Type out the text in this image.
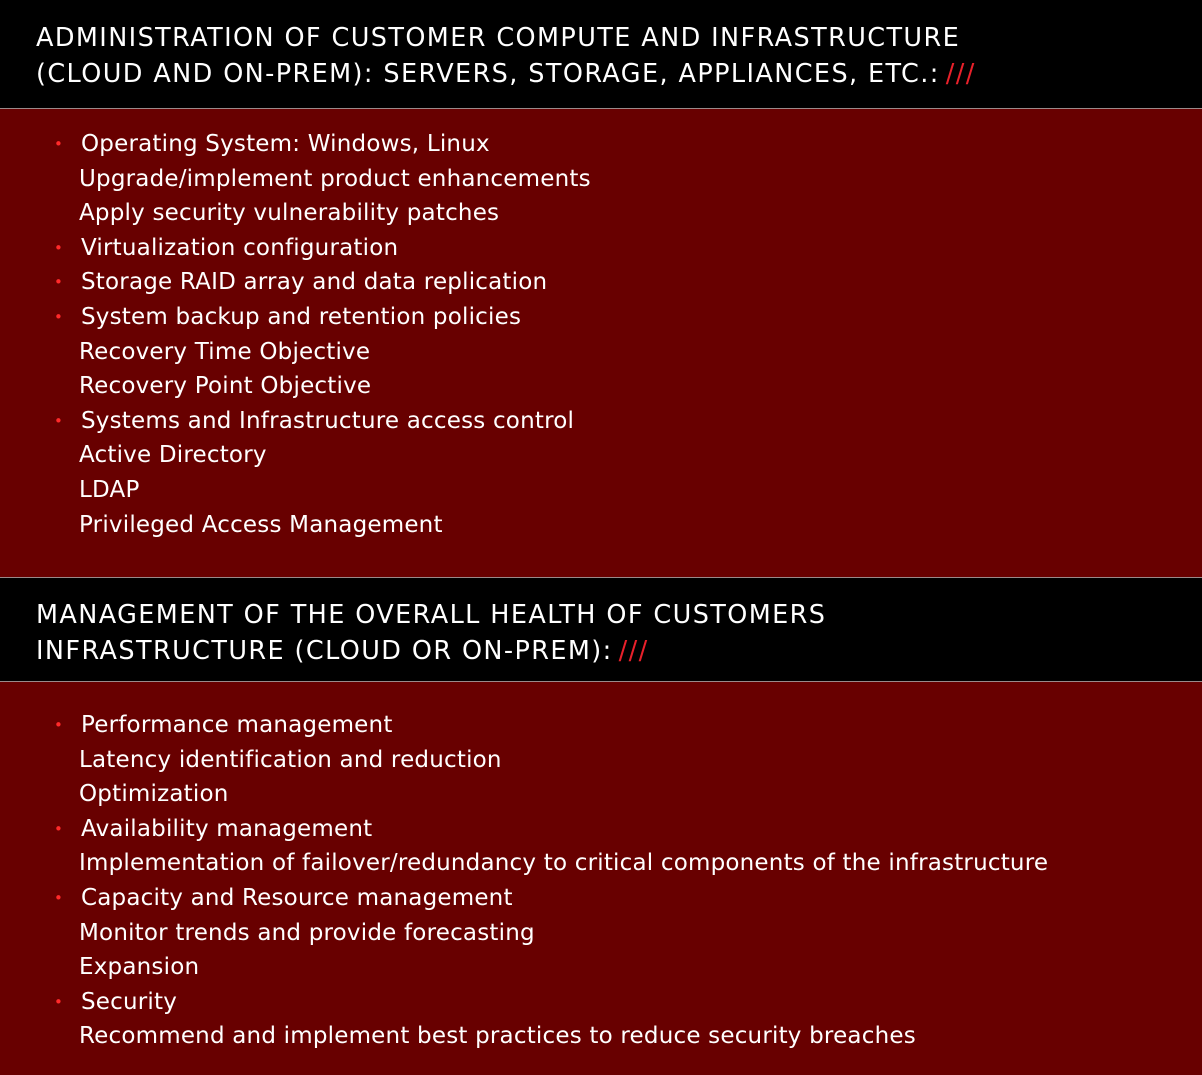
ADMINISTRATION OF CUSTOMER COMPUTE AND INFRASTRUCTURE
(CLOUD AND ON-PREM): SERVERS, STORAGE, APPLIANCES, ETC.: ///
• Operating System: Windows, Linux
Upgrade/implement product enhancements
Apply security vulnerability patches
• Virtualization configuration
• Storage RAID array and data replication
• System backup and retention policies
Recovery Time Objective
Recovery Point Objective
• Systems and Infrastructure access control
Active Directory
LDAP
Privileged Access Management
MANAGEMENT OF THE OVERALL HEALTH OF CUSTOMERS
INFRASTRUCTURE (CLOUD OR ON-PREM): ///
• Performance management
Latency identification and reduction
Optimization
• Availability management
Implementation of failover/redundancy to critical components of the infrastructure
• Capacity and Resource management
Monitor trends and provide forecasting
Expansion
• Security
Recommend and implement best practices to reduce security breaches
